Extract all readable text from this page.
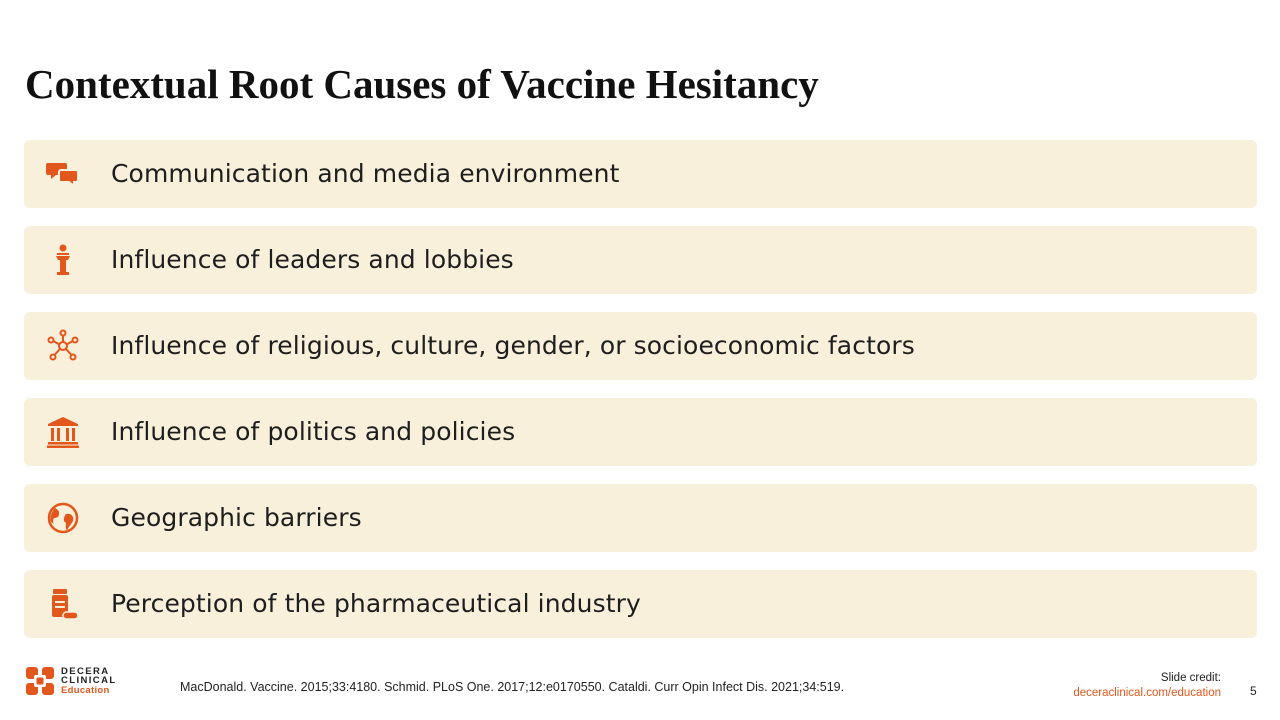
Contextual Root Causes of Vaccine Hesitancy
Communication and media environment
Influence of leaders and lobbies
Influence of religious, culture, gender, or socioeconomic factors
Influence of politics and policies
Geographic barriers
Perception of the pharmaceutical industry
DECERA
CLINICAL
Education	MacDonald. Vaccine. 2015;33:4180. Schmid. PLoS One. 2017;12:e0170550. Cataldi. Curr Opin Infect Dis. 2021;34:519.
Slide credit:
deceraclinical.com/education 5
